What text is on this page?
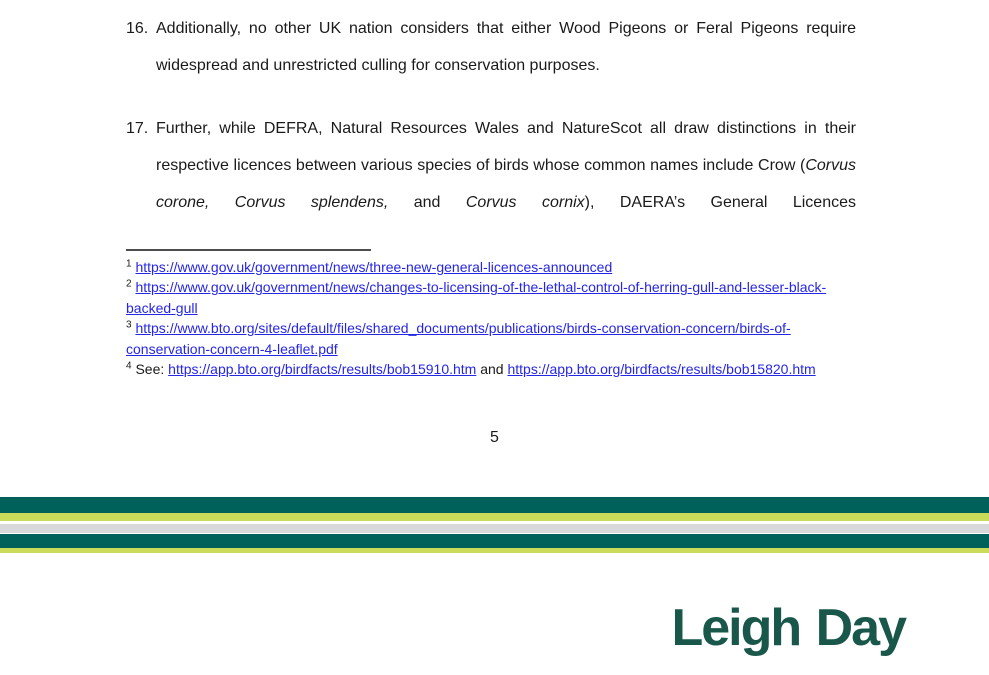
16. Additionally, no other UK nation considers that either Wood Pigeons or Feral Pigeons require widespread and unrestricted culling for conservation purposes.
17. Further, while DEFRA, Natural Resources Wales and NatureScot all draw distinctions in their respective licences between various species of birds whose common names include Crow (Corvus corone, Corvus splendens, and Corvus cornix), DAERA’s General Licences
$^1$ https://www.gov.uk/government/news/three-new-general-licences-announced
$^2$ https://www.gov.uk/government/news/changes-to-licensing-of-the-lethal-control-of-herring-gull-and-lesser-black-backed-gull
$^3$ https://www.bto.org/sites/default/files/shared_documents/publications/birds-conservation-concern/birds-of-conservation-concern-4-leaflet.pdf
$^4$ See: https://app.bto.org/birdfacts/results/bob15910.htm and https://app.bto.org/birdfacts/results/bob15820.htm
5
Leigh Day
